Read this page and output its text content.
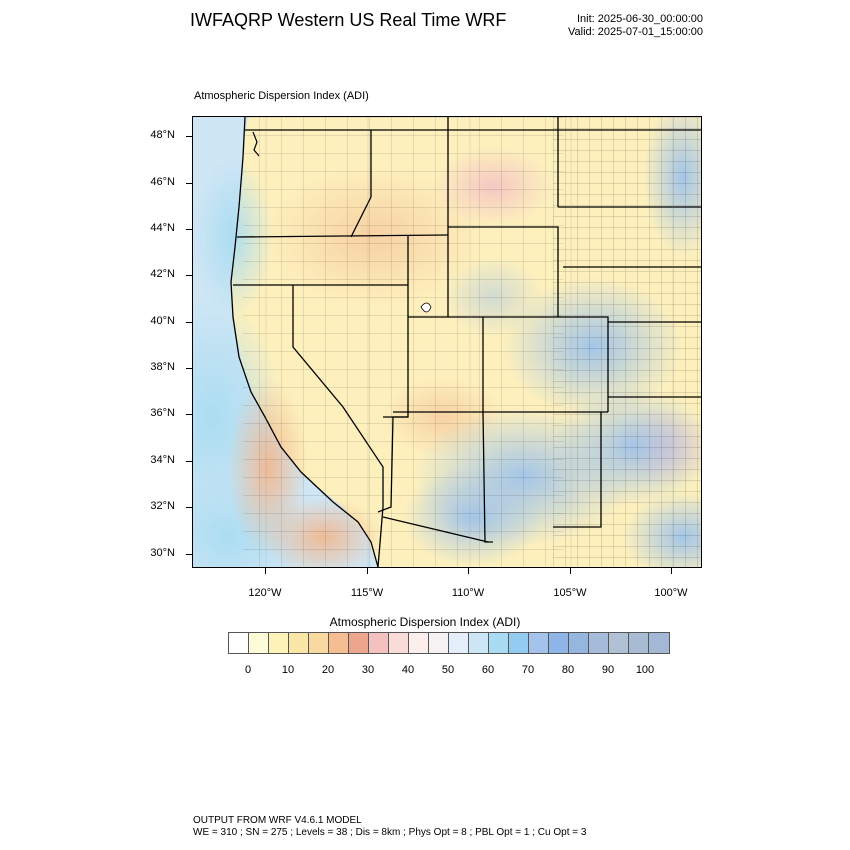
IWFAQRP Western US Real Time WRF	Init: 2025-06-30_00:00:00
Valid: 2025-07-01_15:00:00
Atmospheric Dispersion Index (ADI)
48°N
46°N
44°N
42°N
40°N
38°N
36°N
34°N
32°N
30°N
120°W	115°W	110°W	105°W	100°W
Atmospheric Dispersion Index (ADI)
0	10	20	30	40	50	60	70	80	90	100
OUTPUT FROM WRF V4.6.1 MODEL
WE = 310 ; SN = 275 ; Levels = 38 ; Dis = 8km ; Phys Opt = 8 ; PBL Opt = 1 ; Cu Opt = 3
